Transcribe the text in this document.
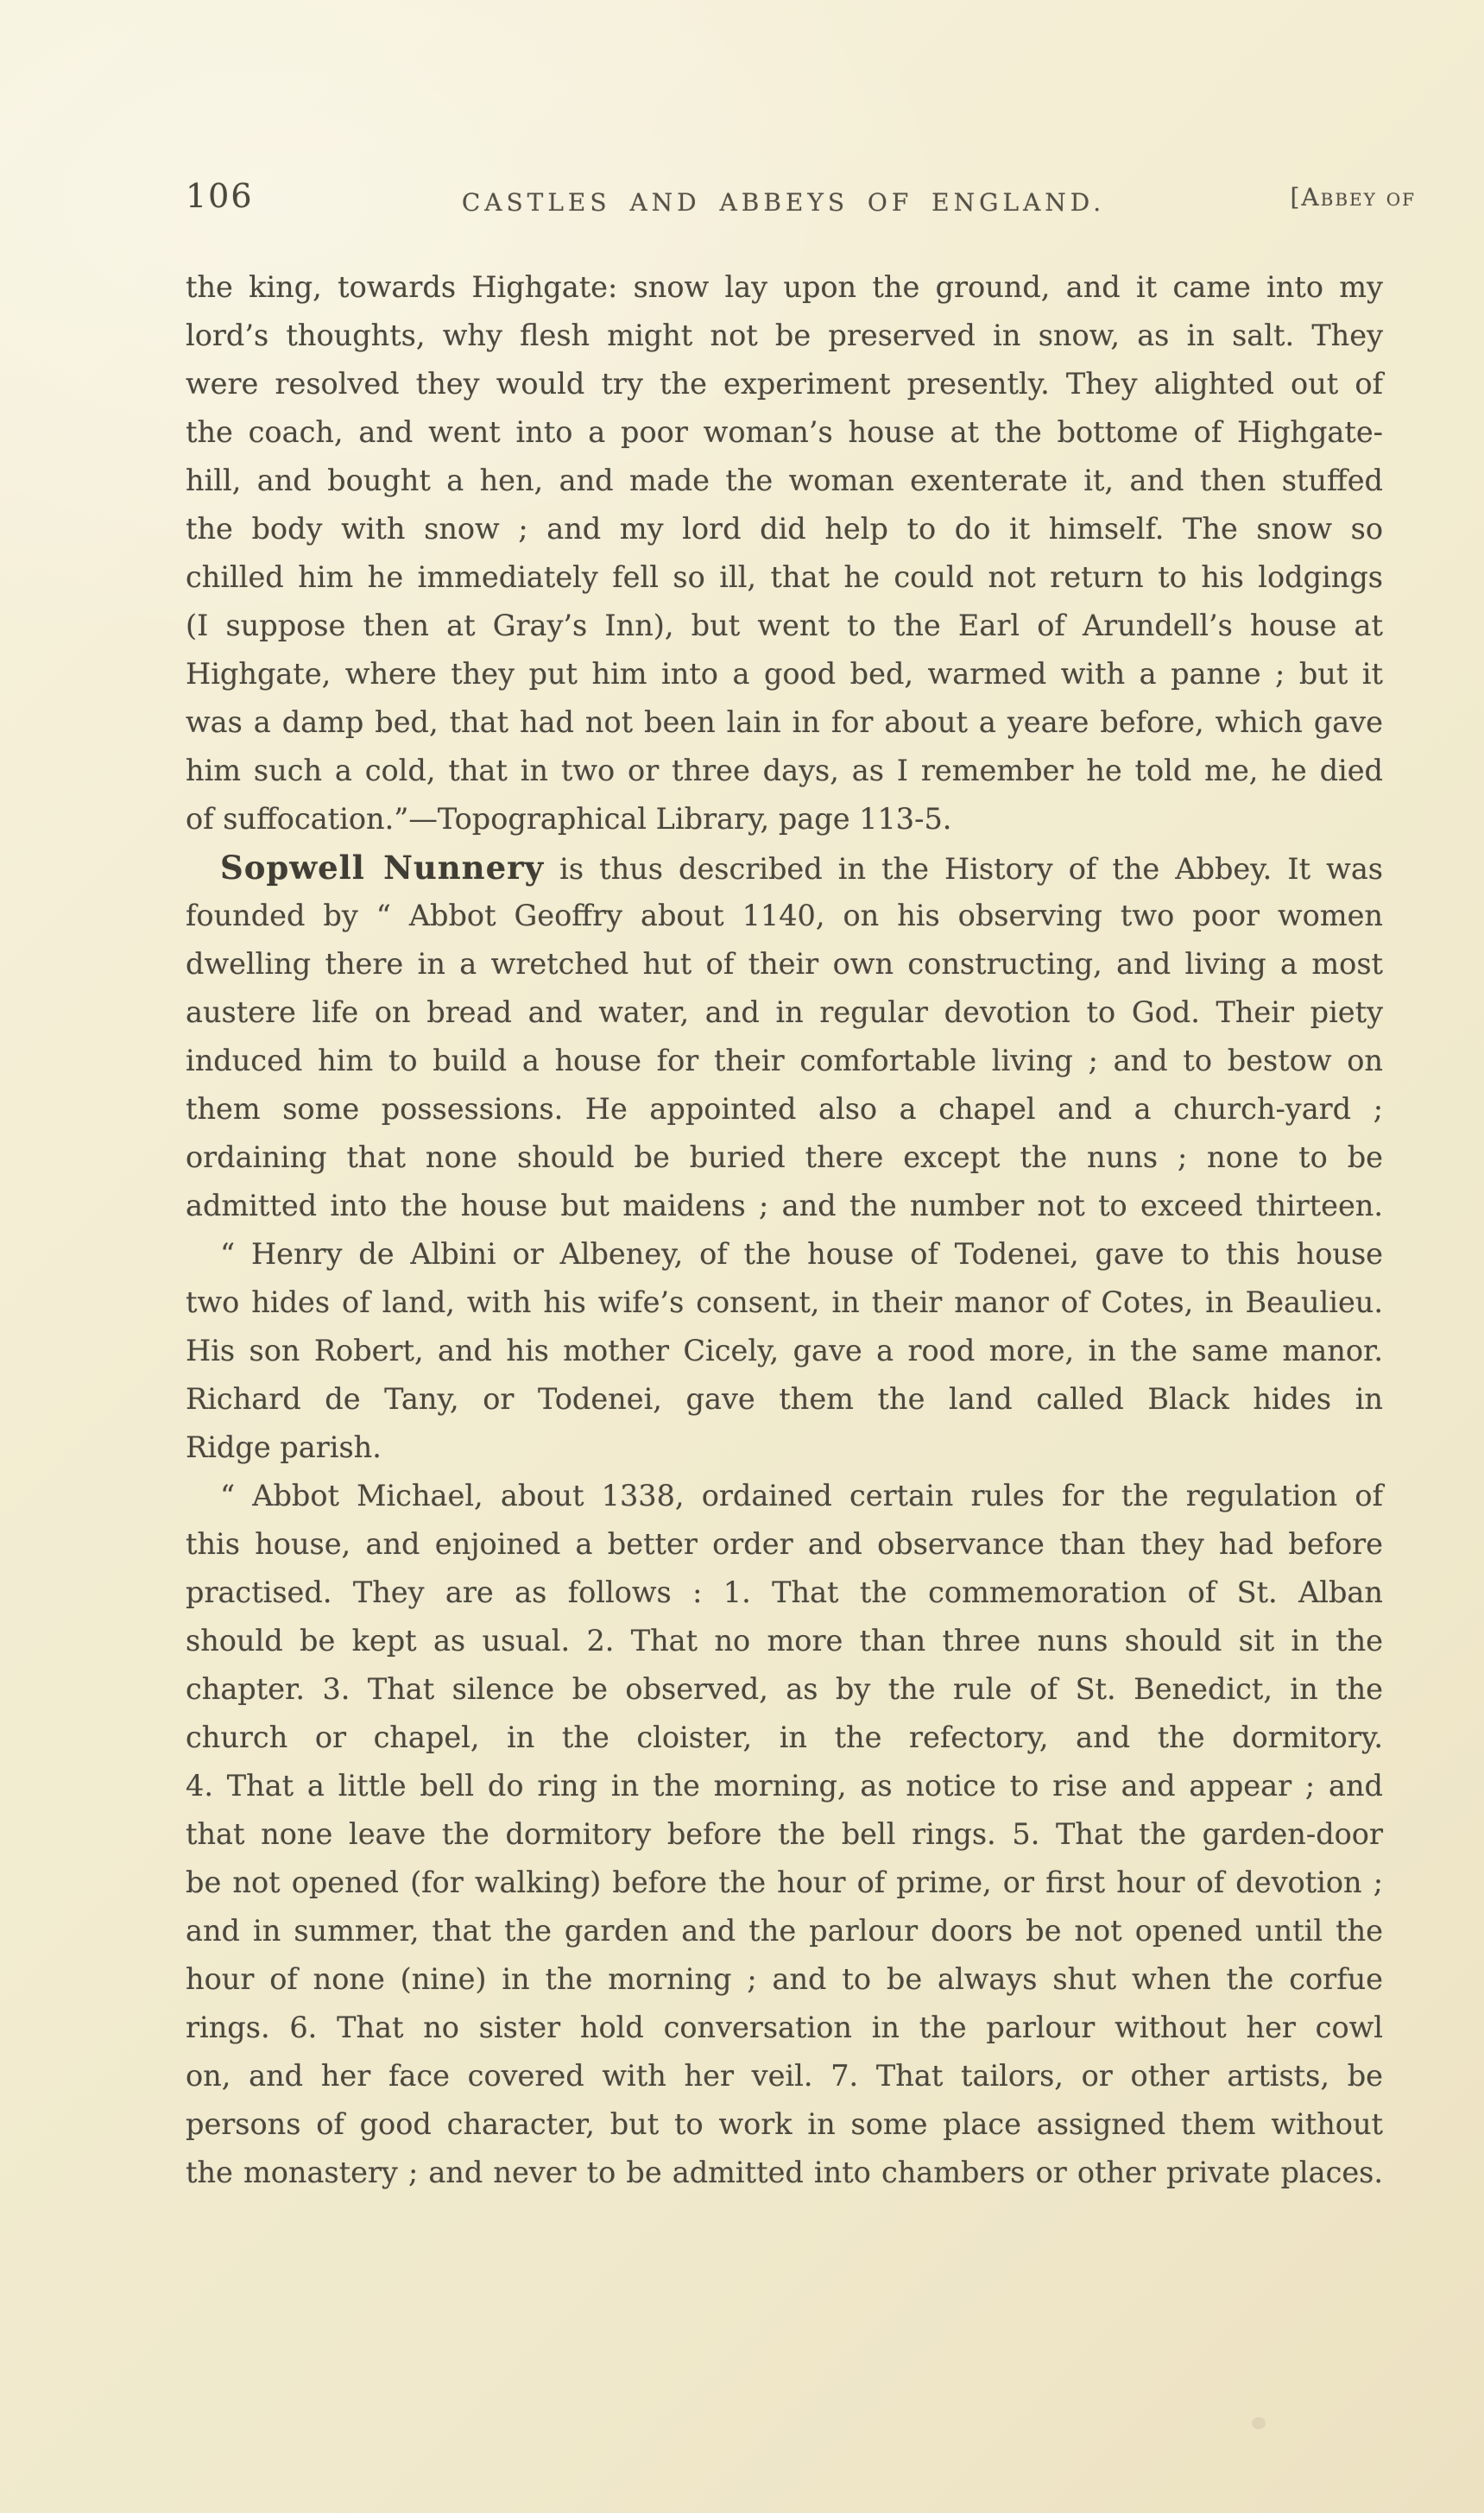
106	CASTLES AND ABBEYS OF ENGLAND.	[Abbey of
the king, towards Highgate: snow lay upon the ground, and it came into my
lord’s thoughts, why flesh might not be preserved in snow, as in salt. They
were resolved they would try the experiment presently. They alighted out of
the coach, and went into a poor woman’s house at the bottome of Highgate-
hill, and bought a hen, and made the woman exenterate it, and then stuffed
the body with snow ; and my lord did help to do it himself. The snow so
chilled him he immediately fell so ill, that he could not return to his lodgings
(I suppose then at Gray’s Inn), but went to the Earl of Arundell’s house at
Highgate, where they put him into a good bed, warmed with a panne ; but it
was a damp bed, that had not been lain in for about a yeare before, which gave
him such a cold, that in two or three days, as I remember he told me, he died
of suffocation.”—Topographical Library, page 113-5.
Sopwell Nunnery is thus described in the History of the Abbey. It was
founded by “ Abbot Geoffry about 1140, on his observing two poor women
dwelling there in a wretched hut of their own constructing, and living a most
austere life on bread and water, and in regular devotion to God. Their piety
induced him to build a house for their comfortable living ; and to bestow on
them some possessions. He appointed also a chapel and a church-yard ;
ordaining that none should be buried there except the nuns ; none to be
admitted into the house but maidens ; and the number not to exceed thirteen.
“ Henry de Albini or Albeney, of the house of Todenei, gave to this house
two hides of land, with his wife’s consent, in their manor of Cotes, in Beaulieu.
His son Robert, and his mother Cicely, gave a rood more, in the same manor.
Richard de Tany, or Todenei, gave them the land called Black hides in
Ridge parish.
“ Abbot Michael, about 1338, ordained certain rules for the regulation of
this house, and enjoined a better order and observance than they had before
practised. They are as follows : 1. That the commemoration of St. Alban
should be kept as usual. 2. That no more than three nuns should sit in the
chapter. 3. That silence be observed, as by the rule of St. Benedict, in the
church or chapel, in the cloister, in the refectory, and the dormitory.
4. That a little bell do ring in the morning, as notice to rise and appear ; and
that none leave the dormitory before the bell rings. 5. That the garden-door
be not opened (for walking) before the hour of prime, or first hour of devotion ;
and in summer, that the garden and the parlour doors be not opened until the
hour of none (nine) in the morning ; and to be always shut when the corfue
rings. 6. That no sister hold conversation in the parlour without her cowl
on, and her face covered with her veil. 7. That tailors, or other artists, be
persons of good character, but to work in some place assigned them without
the monastery ; and never to be admitted into chambers or other private places.
